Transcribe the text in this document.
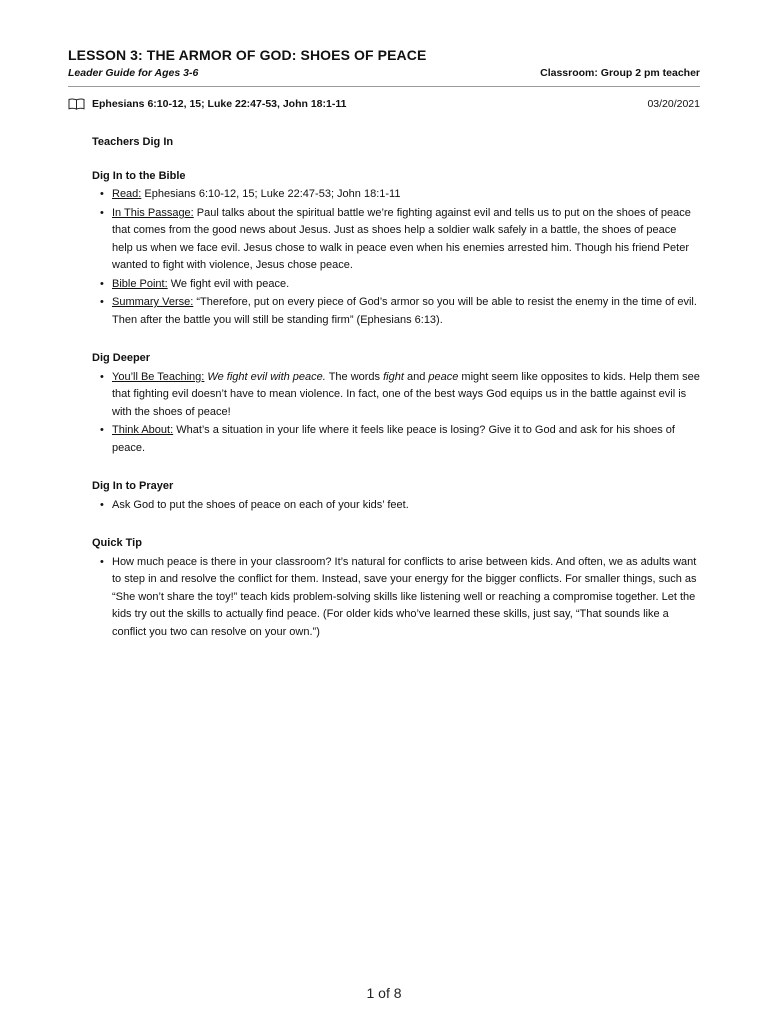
LESSON 3: THE ARMOR OF GOD: SHOES OF PEACE
Leader Guide for Ages 3-6	Classroom: Group 2 pm teacher
Ephesians 6:10-12, 15; Luke 22:47-53, John 18:1-11	03/20/2021
Teachers Dig In
Dig In to the Bible
• Read: Ephesians 6:10-12, 15; Luke 22:47-53; John 18:1-11
• In This Passage: Paul talks about the spiritual battle we’re fighting against evil and tells us to put on the shoes of peace that comes from the good news about Jesus. Just as shoes help a soldier walk safely in a battle, the shoes of peace help us when we face evil. Jesus chose to walk in peace even when his enemies arrested him. Though his friend Peter wanted to fight with violence, Jesus chose peace.
• Bible Point: We fight evil with peace.
• Summary Verse: “Therefore, put on every piece of God’s armor so you will be able to resist the enemy in the time of evil. Then after the battle you will still be standing firm” (Ephesians 6:13).
Dig Deeper
• You’ll Be Teaching: We fight evil with peace. The words fight and peace might seem like opposites to kids. Help them see that fighting evil doesn’t have to mean violence. In fact, one of the best ways God equips us in the battle against evil is with the shoes of peace!
• Think About: What’s a situation in your life where it feels like peace is losing? Give it to God and ask for his shoes of peace.
Dig In to Prayer
• Ask God to put the shoes of peace on each of your kids’ feet.
Quick Tip
• How much peace is there in your classroom? It’s natural for conflicts to arise between kids. And often, we as adults want to step in and resolve the conflict for them. Instead, save your energy for the bigger conflicts. For smaller things, such as “She won’t share the toy!” teach kids problem-solving skills like listening well or reaching a compromise together. Let the kids try out the skills to actually find peace. (For older kids who’ve learned these skills, just say, “That sounds like a conflict you two can resolve on your own.”)
1 of 8
